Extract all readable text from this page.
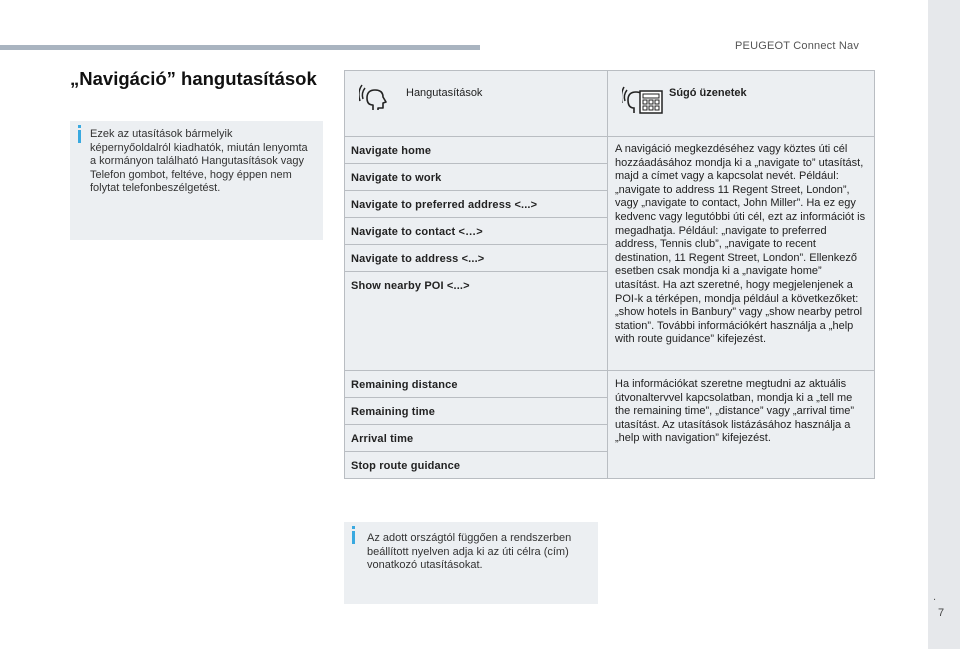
PEUGEOT Connect Nav
.
7
„Navigáció” hangutasítások
Ezek az utasítások bármelyik képernyőoldalról kiadhatók, miután lenyomta a kormányon található Hangutasítások vagy Telefon gombot, feltéve, hogy éppen nem folytat telefonbeszélgetést.
Hangutasítások	Súgó üzenetek

Navigate home	A navigáció megkezdéséhez vagy köztes úti cél hozzáadásához mondja ki a „navigate to” utasítást, majd a címet vagy a kapcsolat nevét. Például: „navigate to address 11 Regent Street, London”, vagy „navigate to contact, John Miller”. Ha ez egy kedvenc vagy legutóbbi úti cél, ezt az információt is megadhatja. Például: „navigate to preferred address, Tennis club”, „navigate to recent destination, 11 Regent Street, London”. Ellenkező esetben csak mondja ki a „navigate home” utasítást. Ha azt szeretné, hogy megjelenjenek a POI-k a térképen, mondja például a következőket: „show hotels in Banbury” vagy „show nearby petrol station”. További információkért használja a „help with route guidance” kifejezést.
Navigate to work	
Navigate to preferred address <...>	
Navigate to contact <…>	
Navigate to address <...>	
Show nearby POI <...>	
Remaining distance	Ha információkat szeretne megtudni az aktuális útvonaltervvel kapcsolatban, mondja ki a „tell me the remaining time”, „distance” vagy „arrival time” utasítást. Az utasítások listázásához használja a „help with navigation” kifejezést.
Remaining time	
Arrival time	
Stop route guidance	
Az adott országtól függően a rendszerben beállított nyelven adja ki az úti célra (cím) vonatkozó utasításokat.
